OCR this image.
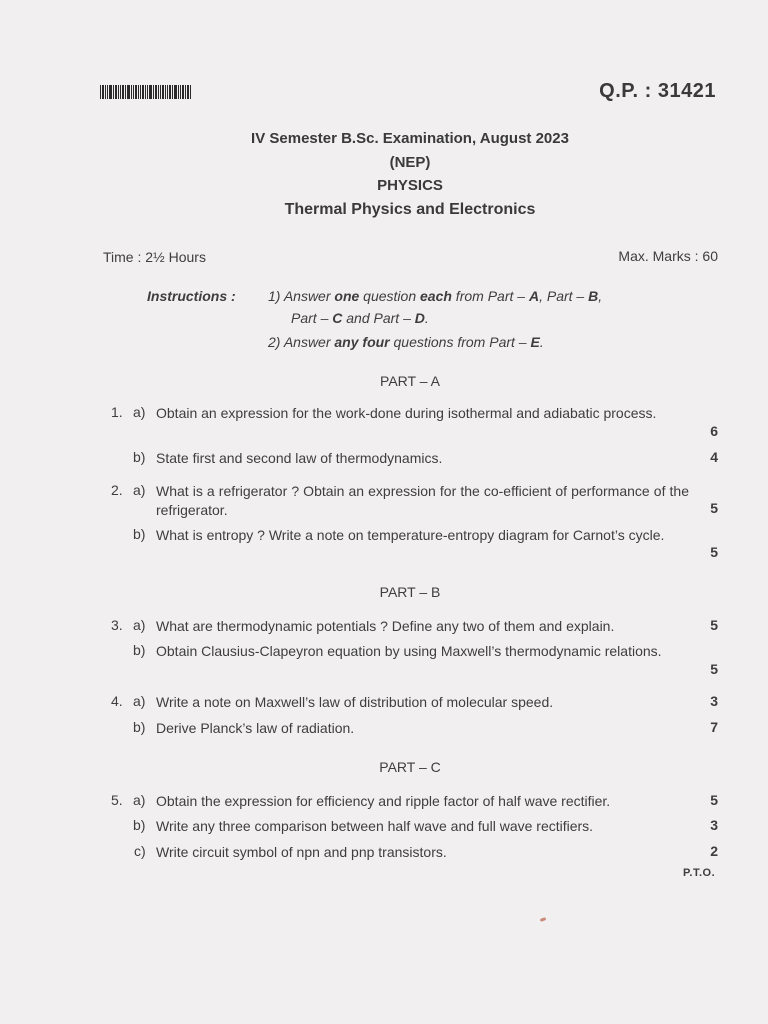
Q.P. : 31421
IV Semester B.Sc. Examination, August 2023
(NEP)
PHYSICS
Thermal Physics and Electronics
Time : 2½ Hours	Max. Marks : 60
Instructions : 1) Answer one question each from Part – A, Part – B,
Part – C and Part – D.
2) Answer any four questions from Part – E.
PART – A
1. a) Obtain an expression for the work-done during isothermal and adiabatic process.
6
b) State first and second law of thermodynamics.	4
2. a) What is a refrigerator ? Obtain an expression for the co-efficient of performance of the refrigerator.	5
b) What is entropy ? Write a note on temperature-entropy diagram for Carnot’s cycle.
5
PART – B
3. a) What are thermodynamic potentials ? Define any two of them and explain.	5
b) Obtain Clausius-Clapeyron equation by using Maxwell’s thermodynamic relations.
5
4. a) Write a note on Maxwell’s law of distribution of molecular speed.	3
b) Derive Planck’s law of radiation.	7
PART – C
5. a) Obtain the expression for efficiency and ripple factor of half wave rectifier.	5
b) Write any three comparison between half wave and full wave rectifiers.	3
c) Write circuit symbol of npn and pnp transistors.	2
P.T.O.
